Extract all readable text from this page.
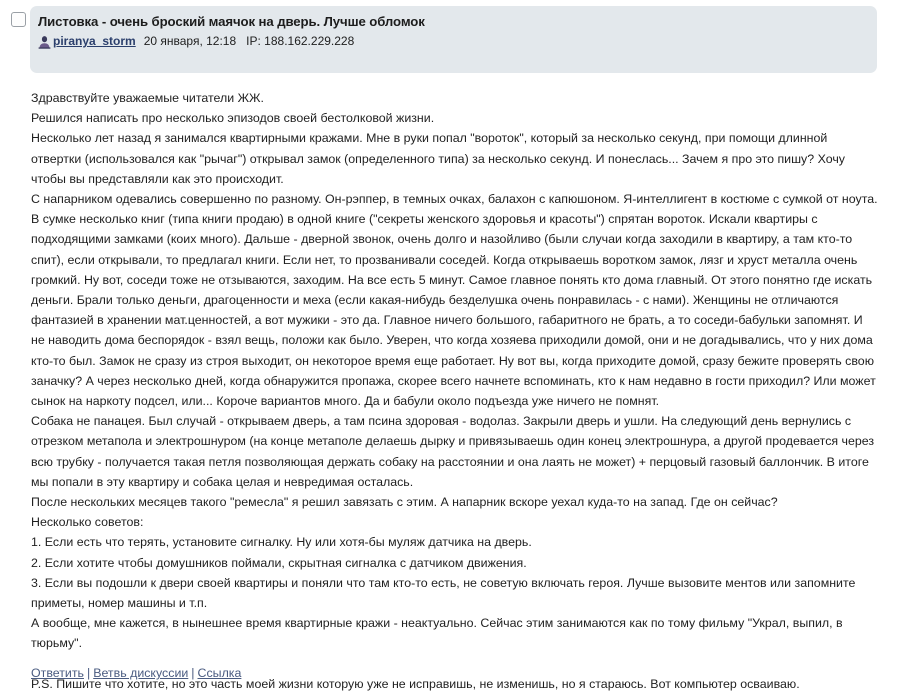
Листовка - очень броский маячок на дверь. Лучше обломок
piranya_storm 20 января, 12:18 IP: 188.162.229.228

Здравствуйте уважаемые читатели ЖЖ.

Решился написать про несколько эпизодов своей бестолковой жизни.

Несколько лет назад я занимался квартирными кражами. Мне в руки попал "вороток", который за несколько секунд, при помощи длинной отвертки (использовался как "рычаг") открывал замок (определенного типа) за несколько секунд. И понеслась... Зачем я про это пишу? Хочу чтобы вы представляли как это происходит.

С напарником одевались совершенно по разному. Он-рэппер, в темных очках, балахон с капюшоном. Я-интеллигент в костюме с сумкой от ноута. В сумке несколько книг (типа книги продаю) в одной книге ("секреты женского здоровья и красоты") спрятан вороток. Искали квартиры с подходящими замками (коих много). Дальше - дверной звонок, очень долго и назойливо (были случаи когда заходили в квартиру, а там кто-то спит), если открывали, то предлагал книги. Если нет, то прозванивали соседей. Когда открываешь воротком замок, лязг и хруст металла очень громкий. Ну вот, соседи тоже не отзываются, заходим. На все есть 5 минут. Самое главное понять кто дома главный. От этого понятно где искать деньги. Брали только деньги, драгоценности и меха (если какая-нибудь безделушка очень понравилась - с нами). Женщины не отличаются фантазией в хранении мат.ценностей, а вот мужики - это да. Главное ничего большого, габаритного не брать, а то соседи-бабульки запомнят. И не наводить дома беспорядок - взял вещь, положи как было. Уверен, что когда хозяева приходили домой, они и не догадывались, что у них дома кто-то был. Замок не сразу из строя выходит, он некоторое время еще работает. Ну вот вы, когда приходите домой, сразу бежите проверять свою заначку? А через несколько дней, когда обнаружится пропажа, скорее всего начнете вспоминать, кто к нам недавно в гости приходил? Или может сынок на наркоту подсел, или... Короче вариантов много. Да и бабули около подъезда уже ничего не помнят.

Собака не панацея. Был случай - открываем дверь, а там псина здоровая - водолаз. Закрыли дверь и ушли. На следующий день вернулись с отрезком метапола и электрошнуром (на конце метаполе делаешь дырку и привязываешь один конец электрошнура, а другой продевается через всю трубку - получается такая петля позволяющая держать собаку на расстоянии и она лаять не может) + перцовый газовый баллончик. В итоге мы попали в эту квартиру и собака целая и невредимая осталась.

После нескольких месяцев такого "ремесла" я решил завязать с этим. А напарник вскоре уехал куда-то на запад. Где он сейчас?

Несколько советов:

1. Если есть что терять, установите сигналку. Ну или хотя-бы муляж датчика на дверь.

2. Если хотите чтобы домушников поймали, скрытная сигналка с датчиком движения.

3. Если вы подошли к двери своей квартиры и поняли что там кто-то есть, не советую включать героя. Лучше вызовите ментов или запомните приметы, номер машины и т.п.

А вообще, мне кажется, в нынешнее время квартирные кражи - неактуально. Сейчас этим занимаются как по тому фильму "Украл, выпил, в тюрьму".

P.S. Пишите что хотите, но это часть моей жизни которую уже не исправишь, не изменишь, но я стараюсь. Вот компьютер осваиваю.

Ответить | Ветвь дискуссии | Ссылка
